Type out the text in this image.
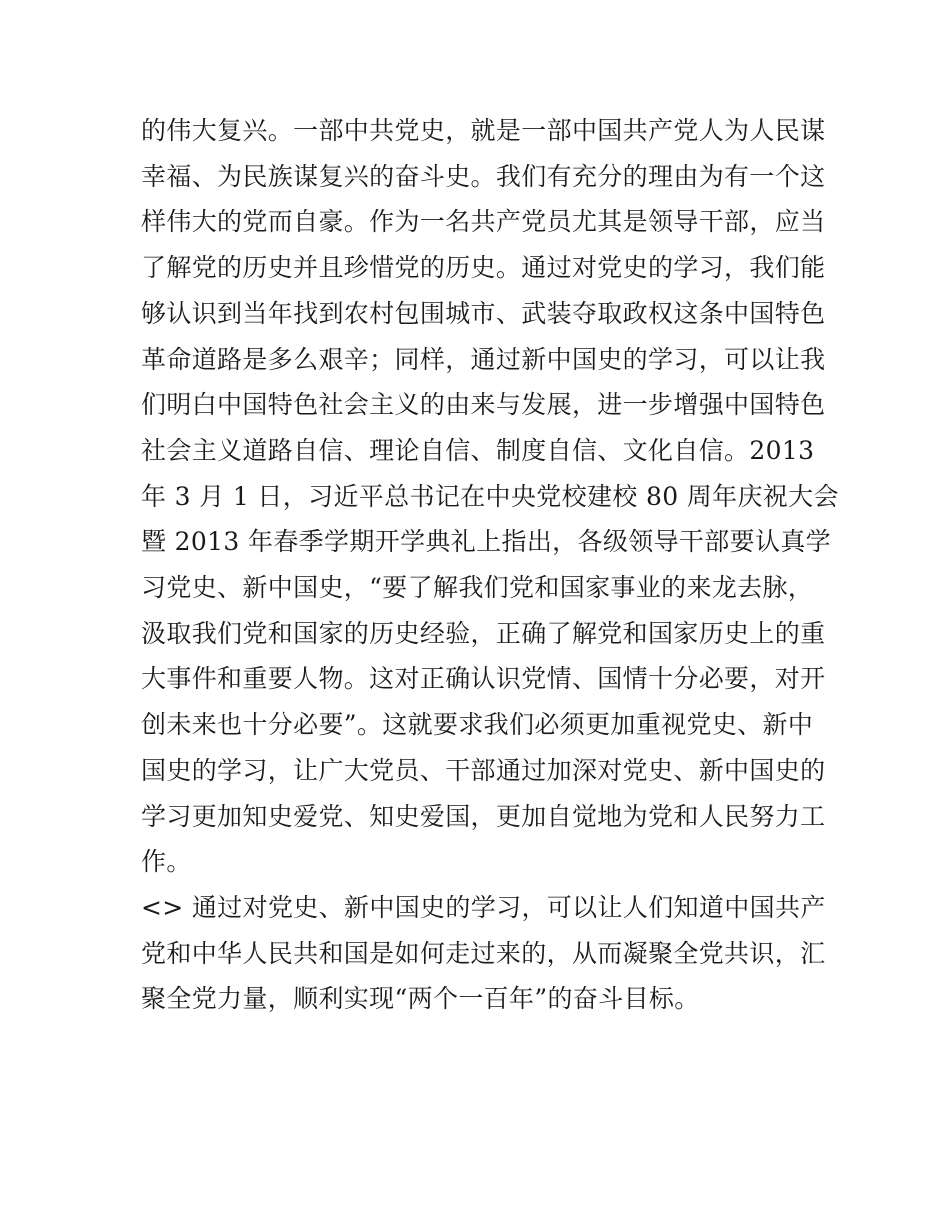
的伟大复兴。一部中共党史，就是一部中国共产党人为人民谋
幸福、为民族谋复兴的奋斗史。我们有充分的理由为有一个这
样伟大的党而自豪。作为一名共产党员尤其是领导干部，应当
了解党的历史并且珍惜党的历史。通过对党史的学习，我们能
够认识到当年找到农村包围城市、武装夺取政权这条中国特色
革命道路是多么艰辛；同样，通过新中国史的学习，可以让我
们明白中国特色社会主义的由来与发展，进一步增强中国特色
社会主义道路自信、理论自信、制度自信、文化自信。2013
年 3 月 1 日，习近平总书记在中央党校建校 80 周年庆祝大会
暨 2013 年春季学期开学典礼上指出，各级领导干部要认真学
习党史、新中国史，“要了解我们党和国家事业的来龙去脉，
汲取我们党和国家的历史经验，正确了解党和国家历史上的重
大事件和重要人物。这对正确认识党情、国情十分必要，对开
创未来也十分必要”。这就要求我们必须更加重视党史、新中
国史的学习，让广大党员、干部通过加深对党史、新中国史的
学习更加知史爱党、知史爱国，更加自觉地为党和人民努力工
作。
<> 通过对党史、新中国史的学习，可以让人们知道中国共产
党和中华人民共和国是如何走过来的，从而凝聚全党共识，汇
聚全党力量，顺利实现“两个一百年”的奋斗目标。
